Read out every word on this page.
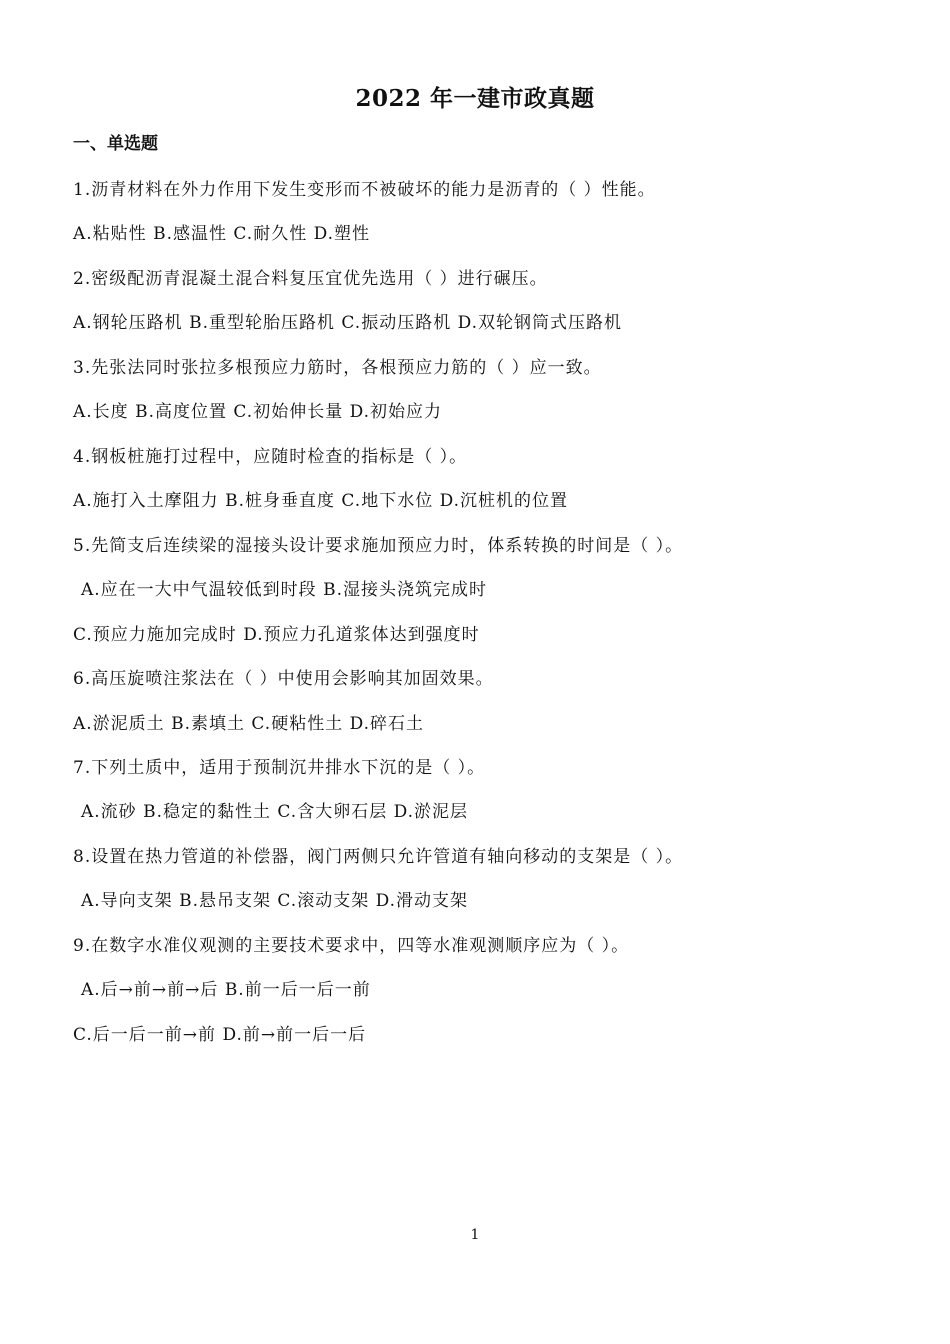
2022 年一建市政真题
一、单选题
1.沥青材料在外力作用下发生变形而不被破坏的能力是沥青的（ ）性能。
A.粘贴性 B.感温性 C.耐久性 D.塑性
2.密级配沥青混凝土混合料复压宜优先选用（ ）进行碾压。
A.钢轮压路机 B.重型轮胎压路机 C.振动压路机 D.双轮钢筒式压路机
3.先张法同时张拉多根预应力筋时，各根预应力筋的（ ）应一致。
A.长度 B.高度位置 C.初始伸长量 D.初始应力
4.钢板桩施打过程中，应随时检查的指标是（ ）。
A.施打入土摩阻力 B.桩身垂直度 C.地下水位 D.沉桩机的位置
5.先简支后连续梁的湿接头设计要求施加预应力时，体系转换的时间是（ ）。
A.应在一大中气温较低到时段 B.湿接头浇筑完成时
C.预应力施加完成时 D.预应力孔道浆体达到强度时
6.高压旋喷注浆法在（ ）中使用会影响其加固效果。
A.淤泥质土 B.素填土 C.硬粘性土 D.碎石土
7.下列土质中，适用于预制沉井排水下沉的是（ ）。
A.流砂 B.稳定的黏性土 C.含大卵石层 D.淤泥层
8.设置在热力管道的补偿器，阀门两侧只允许管道有轴向移动的支架是（ ）。
A.导向支架 B.悬吊支架 C.滚动支架 D.滑动支架
9.在数字水准仪观测的主要技术要求中，四等水准观测顺序应为（ ）。
A.后→前→前→后 B.前一后一后一前
C.后一后一前→前 D.前→前一后一后
1
